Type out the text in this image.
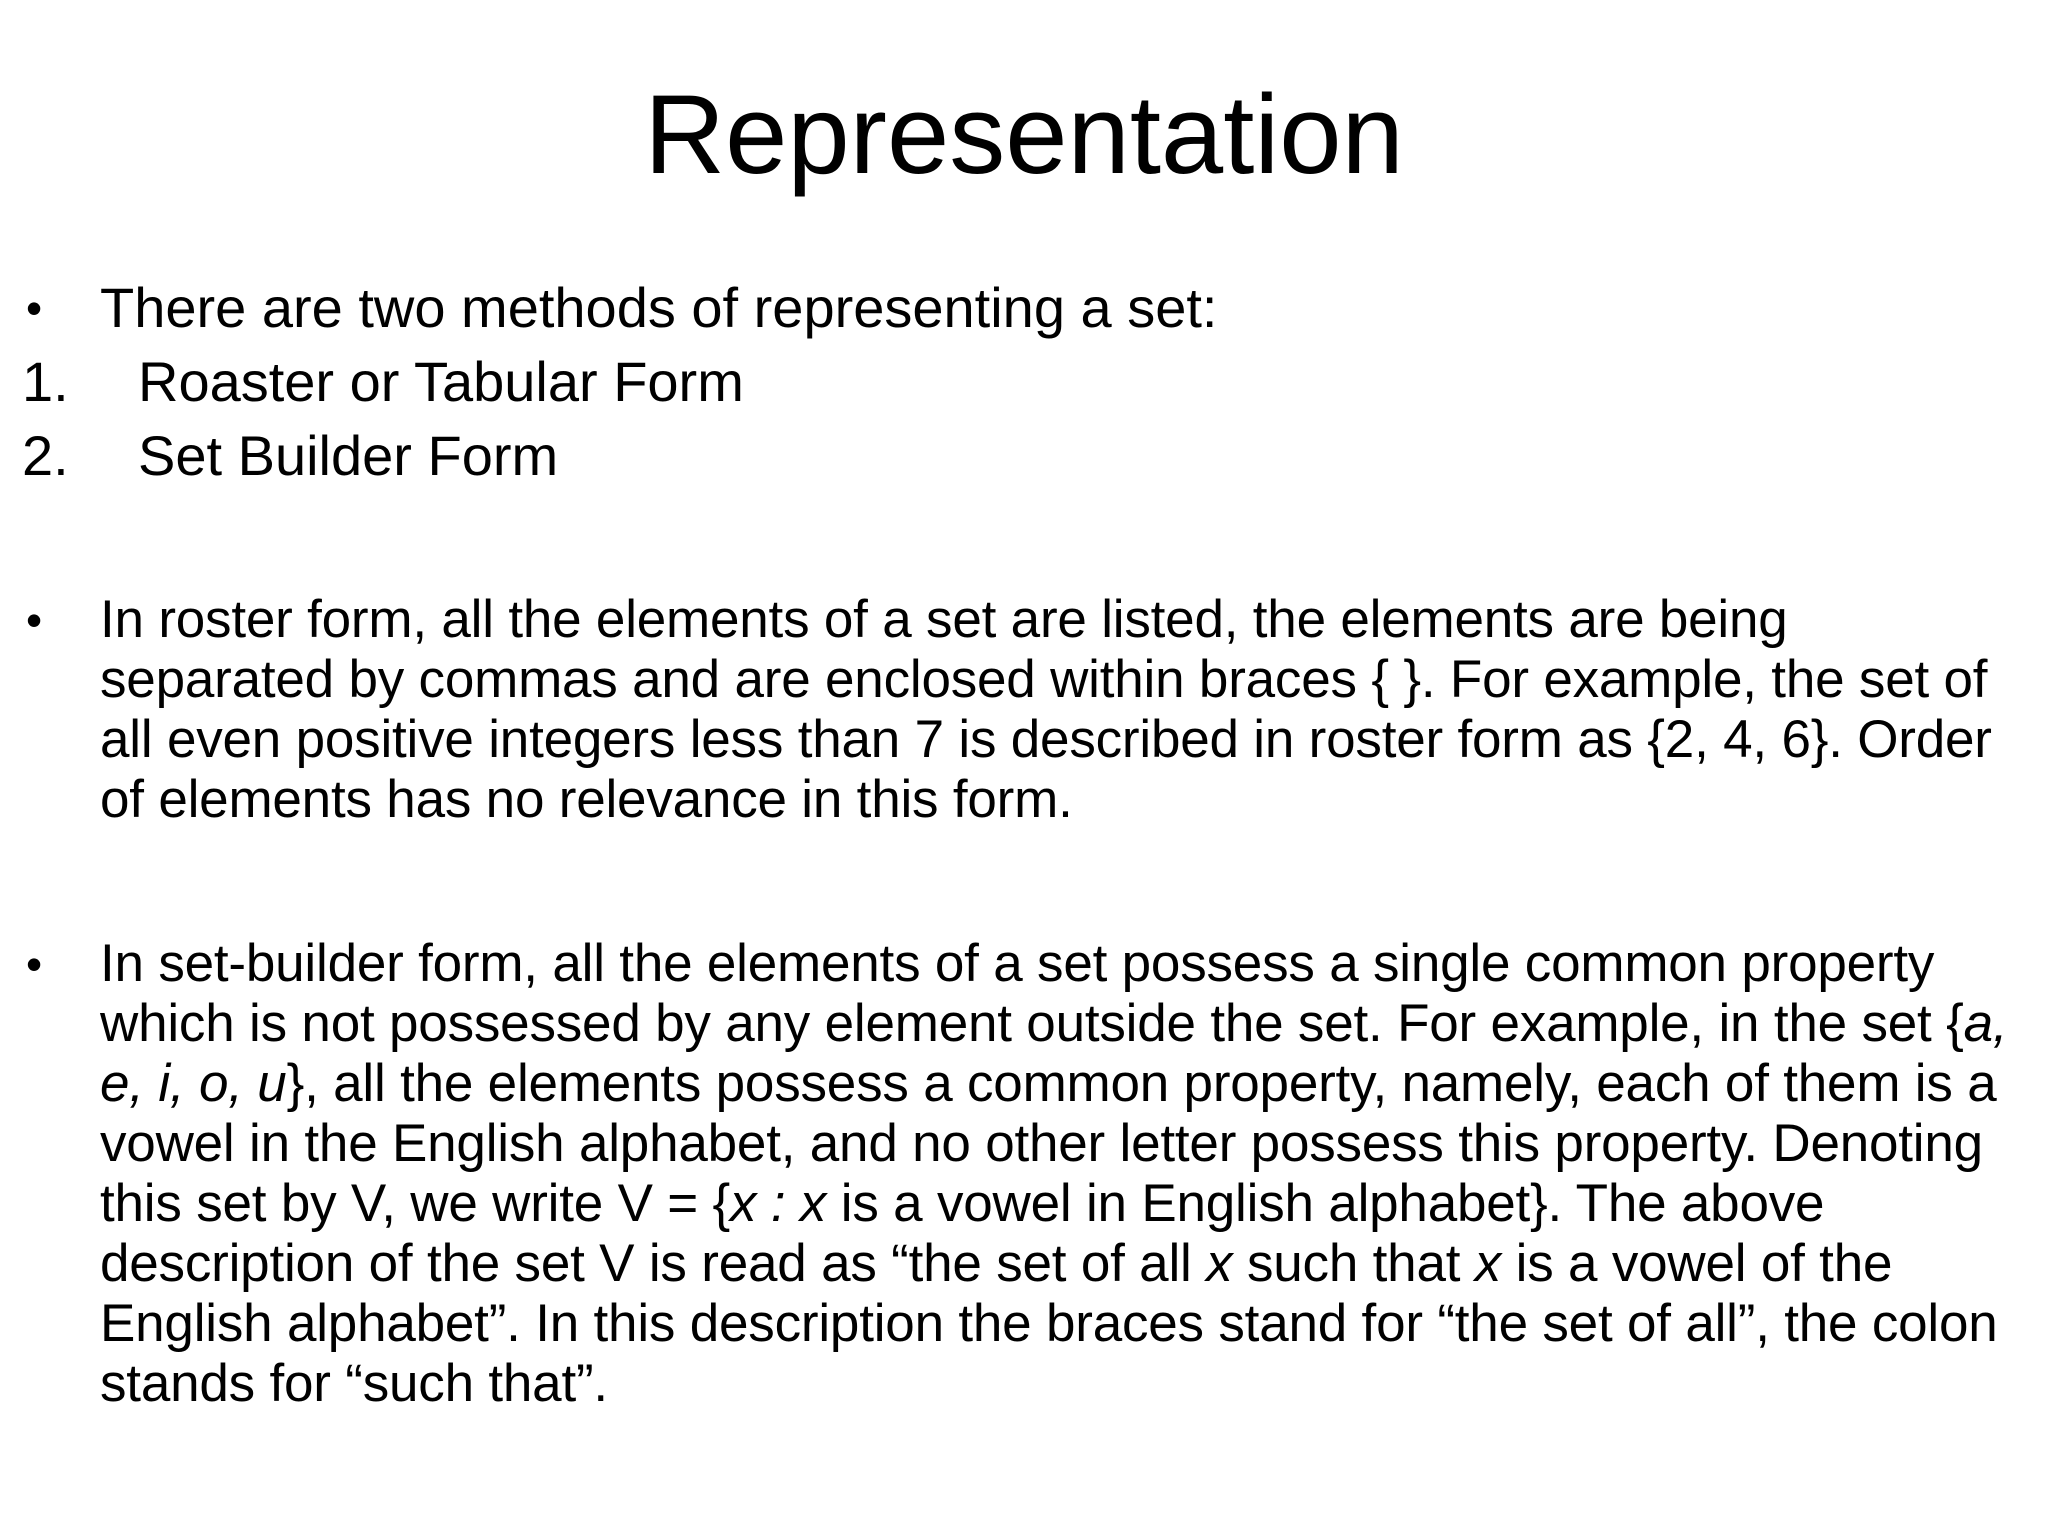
Representation
•	There are two methods of representing a set:
1.	Roaster or Tabular Form
2.	Set Builder Form
•	In roster form, all the elements of a set are listed, the elements are being separated by commas and are enclosed within braces { }. For example, the set of all even positive integers less than 7 is described in roster form as {2, 4, 6}. Order of elements has no relevance in this form.
•	In set-builder form, all the elements of a set possess a single common property which is not possessed by any element outside the set. For example, in the set {a, e, i, o, u}, all the elements possess a common property, namely, each of them is a vowel in the English alphabet, and no other letter possess this property. Denoting this set by V, we write V = {x : x is a vowel in English alphabet}. The above description of the set V is read as “the set of all x such that x is a vowel of the English alphabet”. In this description the braces stand for “the set of all”, the colon stands for “such that”.
